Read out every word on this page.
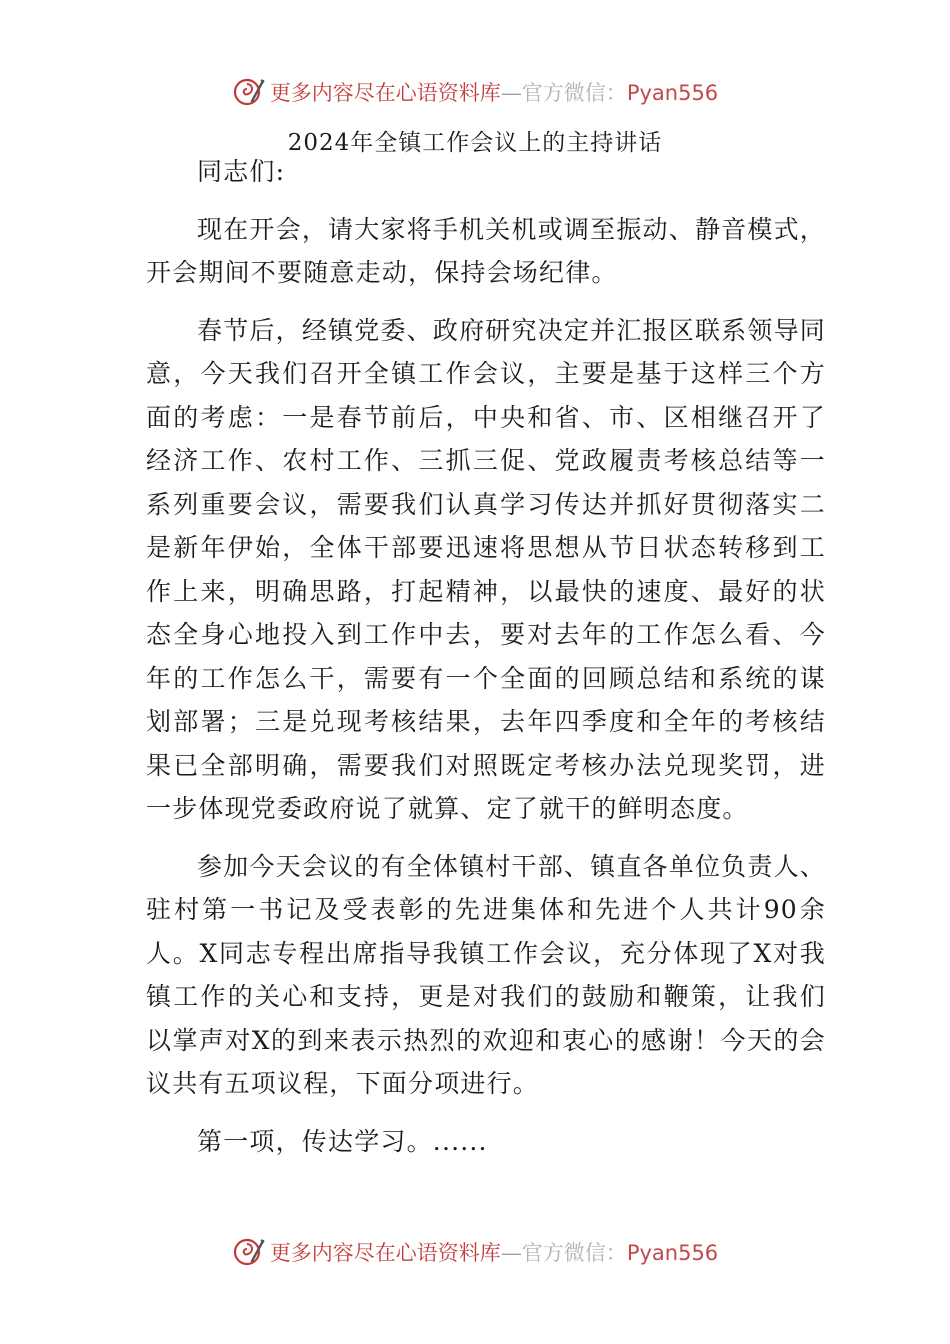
更多内容尽在心语资料库—官方微信：Pyan556
2024年全镇工作会议上的主持讲话

同志们:

现在开会，请大家将手机关机或调至振动、静音模式，开会期间不要随意走动，保持会场纪律。

春节后，经镇党委、政府研究决定并汇报区联系领导同意，今天我们召开全镇工作会议，主要是基于这样三个方面的考虑：一是春节前后，中央和省、市、区相继召开了经济工作、农村工作、三抓三促、党政履责考核总结等一系列重要会议，需要我们认真学习传达并抓好贯彻落实二是新年伊始，全体干部要迅速将思想从节日状态转移到工作上来，明确思路，打起精神，以最快的速度、最好的状态全身心地投入到工作中去，要对去年的工作怎么看、今年的工作怎么干，需要有一个全面的回顾总结和系统的谋划部署；三是兑现考核结果，去年四季度和全年的考核结果已全部明确，需要我们对照既定考核办法兑现奖罚，进一步体现党委政府说了就算、定了就干的鲜明态度。

参加今天会议的有全体镇村干部、镇直各单位负责人、驻村第一书记及受表彰的先进集体和先进个人共计90余人。X同志专程出席指导我镇工作会议，充分体现了X对我镇工作的关心和支持，更是对我们的鼓励和鞭策，让我们以掌声对X的到来表示热烈的欢迎和衷心的感谢！今天的会议共有五项议程，下面分项进行。

第一项，传达学习。......

更多内容尽在心语资料库—官方微信：Pyan556
